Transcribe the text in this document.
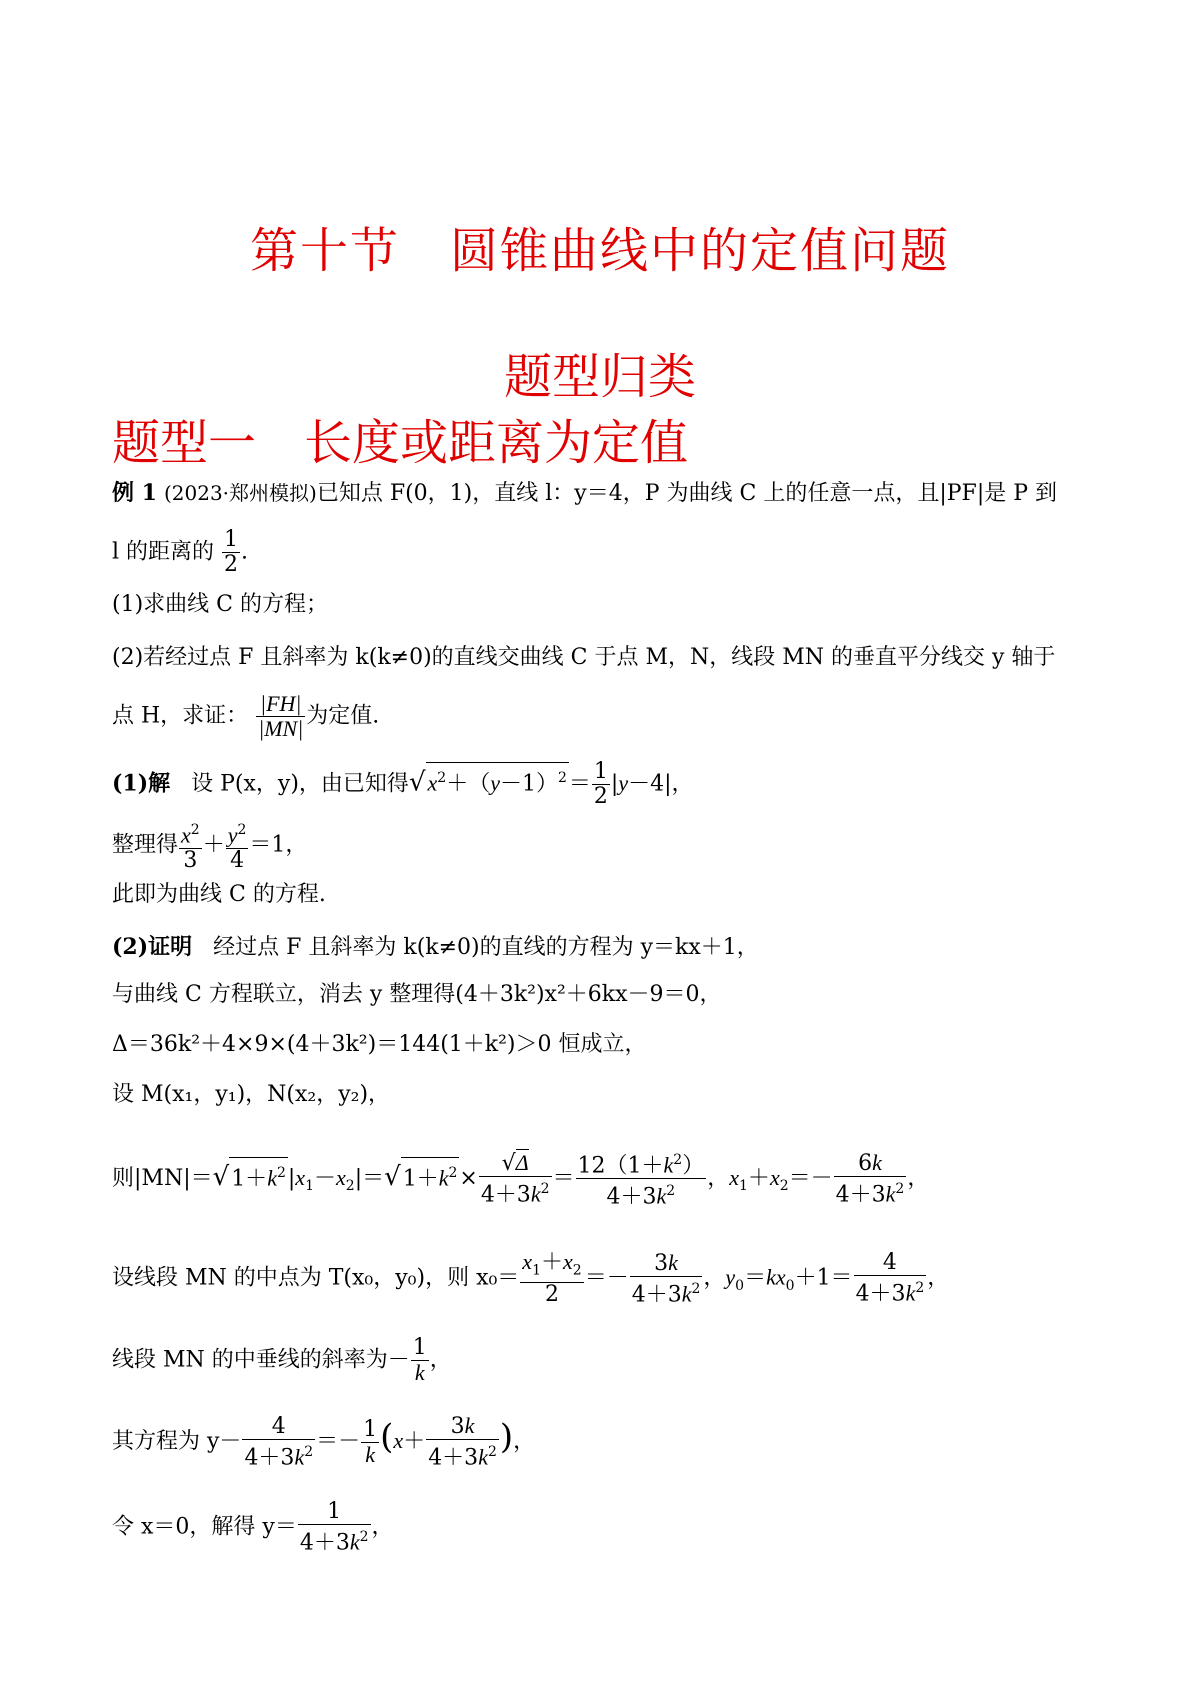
第十节　圆锥曲线中的定值问题
题型归类
题型一　长度或距离为定值
例 1 (2023·郑州模拟)已知点 F(0，1)，直线 l：y＝4，P 为曲线 C 上的任意一点，且|PF|是 P 到
l 的距离的 $\frac{1}{2}$ .
(1)求曲线 C 的方程；
(2)若经过点 F 且斜率为 k(k≠0)的直线交曲线 C 于点 M，N，线段 MN 的垂直平分线交 y 轴于
点 H，求证： $\frac{|FH|}{|MN|}$ 为定值.
(1)解 设 P(x，y)，由已知得$√x^2+(y-1)^2= \frac{1}{2} |y-4|$，
整理得 $\frac{x^2}{3} + \frac{y^2}{4} =1$，
此即为曲线 C 的方程.
(2)证明 经过点 F 且斜率为 k(k≠0)的直线的方程为 y＝kx＋1，
与曲线 C 方程联立，消去 y 整理得(4＋3k²)x²＋6kx－9＝0，
Δ＝36k²＋4×9×(4＋3k²)＝144(1＋k²)＞0 恒成立，
设 M(x₁，y₁)，N(x₂，y₂)，
则$|MN|=√1+k^2|x_1-x_2|=√1+k^2\times \frac{√\Delta}{4+3k^2} = \frac{12(1+k^2)}{4+3k^2}$ ，$x_1+x_2=- \frac{6k}{4+3k^2}$ ，
设线段 MN 的中点为 T(x₀，y₀)，则 $x_0= \frac{x_1+x_2}{2} =- \frac{3k}{4+3k^2}$ ，$y_0=kx_0+1= \frac{4}{4+3k^2}$ ，
线段 MN 的中垂线的斜率为－ $\frac{1}{k}$ ，
其方程为 $y- \frac{4}{4+3k^2} =- \frac{1}{k} (x+ \frac{3k}{4+3k^2}$ )，
令 x＝0，解得 $y= \frac{1}{4+3k^2}$ ，
